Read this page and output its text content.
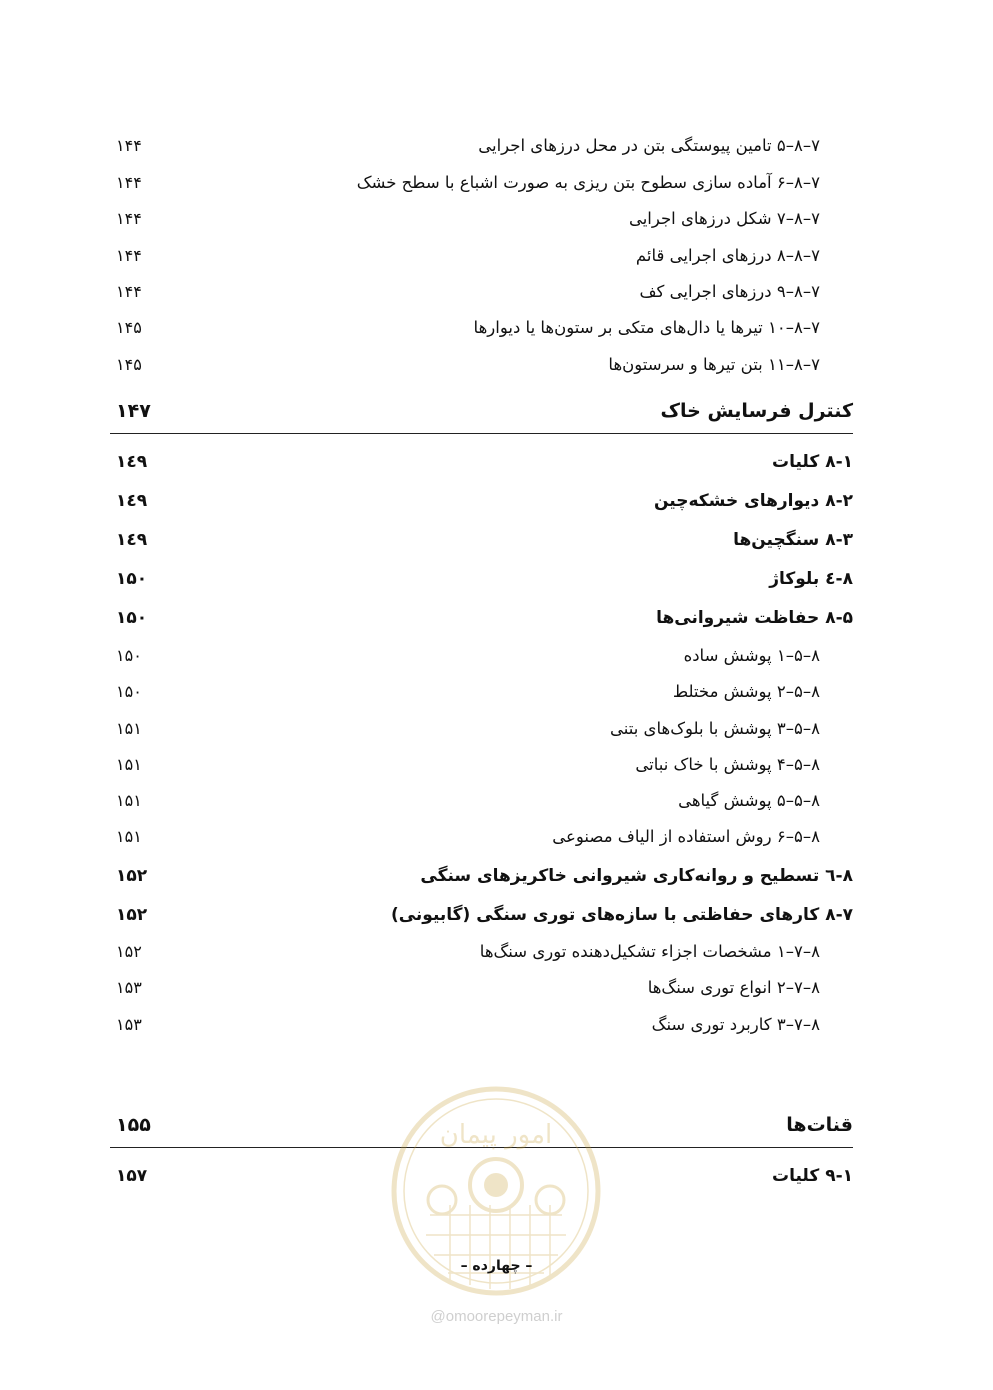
۷–۸–۵ تامین پیوستگی بتن در محل درزهای اجرایی
۱۴۴
۷–۸–۶ آماده سازی سطوح بتن ریزی به صورت اشباع با سطح خشک
۱۴۴
۷–۸–۷ شکل درزهای اجرایی
۱۴۴
۷–۸–۸ درزهای اجرایی قائم
۱۴۴
۷–۸–۹ درزهای اجرایی کف
۱۴۴
۷–۸–۱۰ تیرها یا دال‌های متکی بر ستون‌ها یا دیوارها
۱۴۵
۷–۸–۱۱ بتن تیرها و سرستون‌ها
۱۴۵
کنترل فرسایش خاک
۱۴۷
۸-۱ کلیات
۱٤۹
۸-۲ دیوارهای خشکه‌چین
۱٤۹
۸-۳ سنگچین‌ها
۱٤۹
۸-٤ بلوکاژ
۱۵۰
۸-۵ حفاظت شیروانی‌ها
۱۵۰
۸–۵–۱ پوشش ساده
۱۵۰
۸–۵–۲ پوشش مختلط
۱۵۰
۸–۵–۳ پوشش با بلوک‌های بتنی
۱۵۱
۸–۵–۴ پوشش با خاک نباتی
۱۵۱
۸–۵–۵ پوشش گیاهی
۱۵۱
۸–۵–۶ روش استفاده از الیاف مصنوعی
۱۵۱
۸-٦ تسطیح و روانه‌کاری شیروانی خاکریزهای سنگی
۱۵۲
۸-۷ کارهای حفاظتی با سازه‌های توری سنگی (گابیونی)
۱۵۲
۸–۷–۱ مشخصات اجزاء تشکیل‌دهنده توری سنگ‌ها
۱۵۲
۸–۷–۲ انواع توری سنگ‌ها
۱۵۳
۸–۷–۳ کاربرد توری سنگ
۱۵۳
قنات‌ها
۱۵۵
۹-۱ کلیات
۱۵۷
امور پیمان
– چهارده –
@omoorepeyman.ir
